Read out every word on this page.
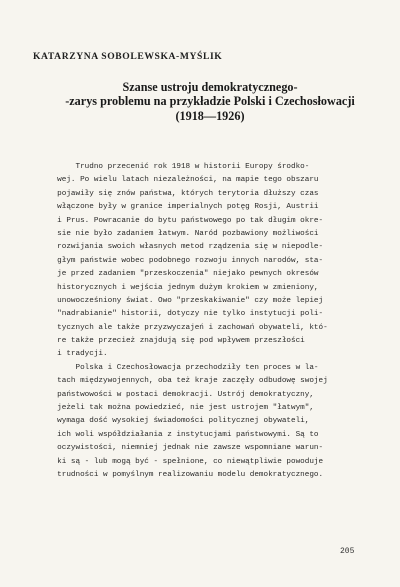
KATARZYNA SOBOLEWSKA-MYŚLIK
Szanse ustroju demokratycznego-
-zarys problemu na przykładzie Polski i Czechosłowacji
(1918—1926)
Trudno przecenić rok 1918 w historii Europy środko-
wej. Po wielu latach niezależności, na mapie tego obszaru
pojawiły się znów państwa, których terytoria dłuższy czas
włączone były w granice imperialnych potęg Rosji, Austrii
i Prus. Powracanie do bytu państwowego po tak długim okre-
sie nie było zadaniem łatwym. Naród pozbawiony możliwości
rozwijania swoich własnych metod rządzenia się w niepodle-
głym państwie wobec podobnego rozwoju innych narodów, sta-
je przed zadaniem "przeskoczenia" niejako pewnych okresów
historycznych i wejścia jednym dużym krokiem w zmieniony,
unowocześniony świat. Owo "przeskakiwanie" czy może lepiej
"nadrabianie" historii, dotyczy nie tylko instytucji poli-
tycznych ale także przyzwyczajeń i zachowań obywateli, któ-
re także przecież znajdują się pod wpływem przeszłości
i tradycji.
Polska i Czechosłowacja przechodziły ten proces w la-
tach międzywojennych, oba też kraje zaczęły odbudowę swojej
państwowości w postaci demokracji. Ustrój demokratyczny,
jeżeli tak można powiedzieć, nie jest ustrojem "łatwym",
wymaga dość wysokiej świadomości politycznej obywateli,
ich woli współdziałania z instytucjami państwowymi. Są to
oczywistości, niemniej jednak nie zawsze wspomniane warun-
ki są - lub mogą być - spełnione, co niewątpliwie powoduje
trudności w pomyślnym realizowaniu modelu demokratycznego.
205
